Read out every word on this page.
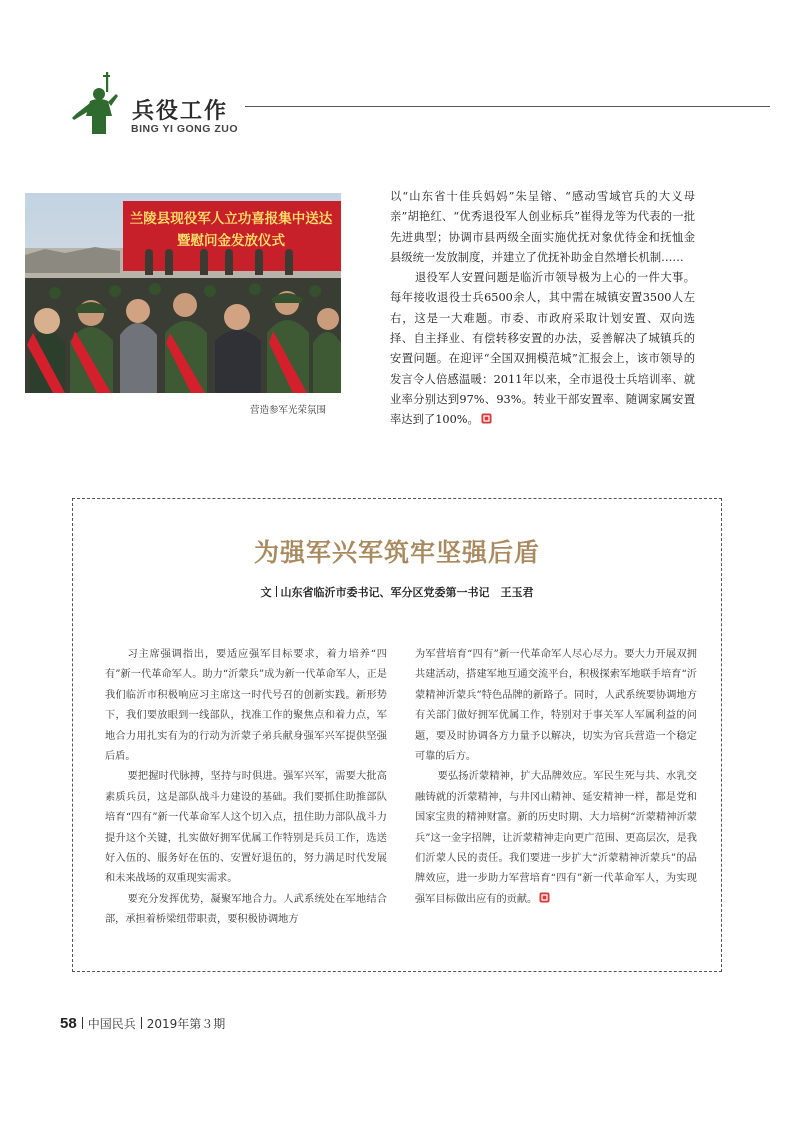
兵役工作
BING YI GONG ZUO
兰陵县现役军人立功喜报集中送达
暨慰问金发放仪式
营造参军光荣氛围

以“山东省十佳兵妈妈”朱呈镕、“感动雪域官兵的大义母亲”胡艳红、“优秀退役军人创业标兵”崔得龙等为代表的一批先进典型；协调市县两级全面实施优抚对象优待金和抚恤金县级统一发放制度，并建立了优抚补助金自然增长机制……

退役军人安置问题是临沂市领导极为上心的一件大事。每年接收退役士兵6500余人，其中需在城镇安置3500人左右，这是一大难题。市委、市政府采取计划安置、双向选择、自主择业、有偿转移安置的办法，妥善解决了城镇兵的安置问题。在迎评“全国双拥模范城”汇报会上，该市领导的发言令人倍感温暖：2011年以来，全市退役士兵培训率、就业率分别达到97%、93%。转业干部安置率、随调家属安置率达到了100%。

为强军兴军筑牢坚强后盾
文 山东省临沂市委书记、军分区党委第一书记　王玉君

习主席强调指出，要适应强军目标要求，着力培养“四有”新一代革命军人。助力“沂蒙兵”成为新一代革命军人，正是我们临沂市积极响应习主席这一时代号召的创新实践。新形势下，我们要放眼到一线部队，找准工作的聚焦点和着力点，军地合力用扎实有为的行动为沂蒙子弟兵献身强军兴军提供坚强后盾。

要把握时代脉搏，坚持与时俱进。强军兴军，需要大批高素质兵员，这是部队战斗力建设的基础。我们要抓住助推部队培育“四有”新一代革命军人这个切入点，扭住助力部队战斗力提升这个关键，扎实做好拥军优属工作特别是兵员工作，选送好入伍的、服务好在伍的、安置好退伍的，努力满足时代发展和未来战场的双重现实需求。

要充分发挥优势，凝聚军地合力。人武系统处在军地结合部，承担着桥梁纽带职责，要积极协调地方

为军营培育“四有”新一代革命军人尽心尽力。要大力开展双拥共建活动，搭建军地互通交流平台，积极探索军地联手培育“沂蒙精神沂蒙兵”特色品牌的新路子。同时，人武系统要协调地方有关部门做好拥军优属工作，特别对于事关军人军属利益的问题，要及时协调各方力量予以解决，切实为官兵营造一个稳定可靠的后方。

要弘扬沂蒙精神，扩大品牌效应。军民生死与共、水乳交融铸就的沂蒙精神，与井冈山精神、延安精神一样，都是党和国家宝贵的精神财富。新的历史时期、大力培树“沂蒙精神沂蒙兵”这一金字招牌，让沂蒙精神走向更广范围、更高层次，是我们沂蒙人民的责任。我们要进一步扩大“沂蒙精神沂蒙兵”的品牌效应，进一步助力军营培育“四有”新一代革命军人，为实现强军目标做出应有的贡献。

58 中国民兵 2019年第３期
